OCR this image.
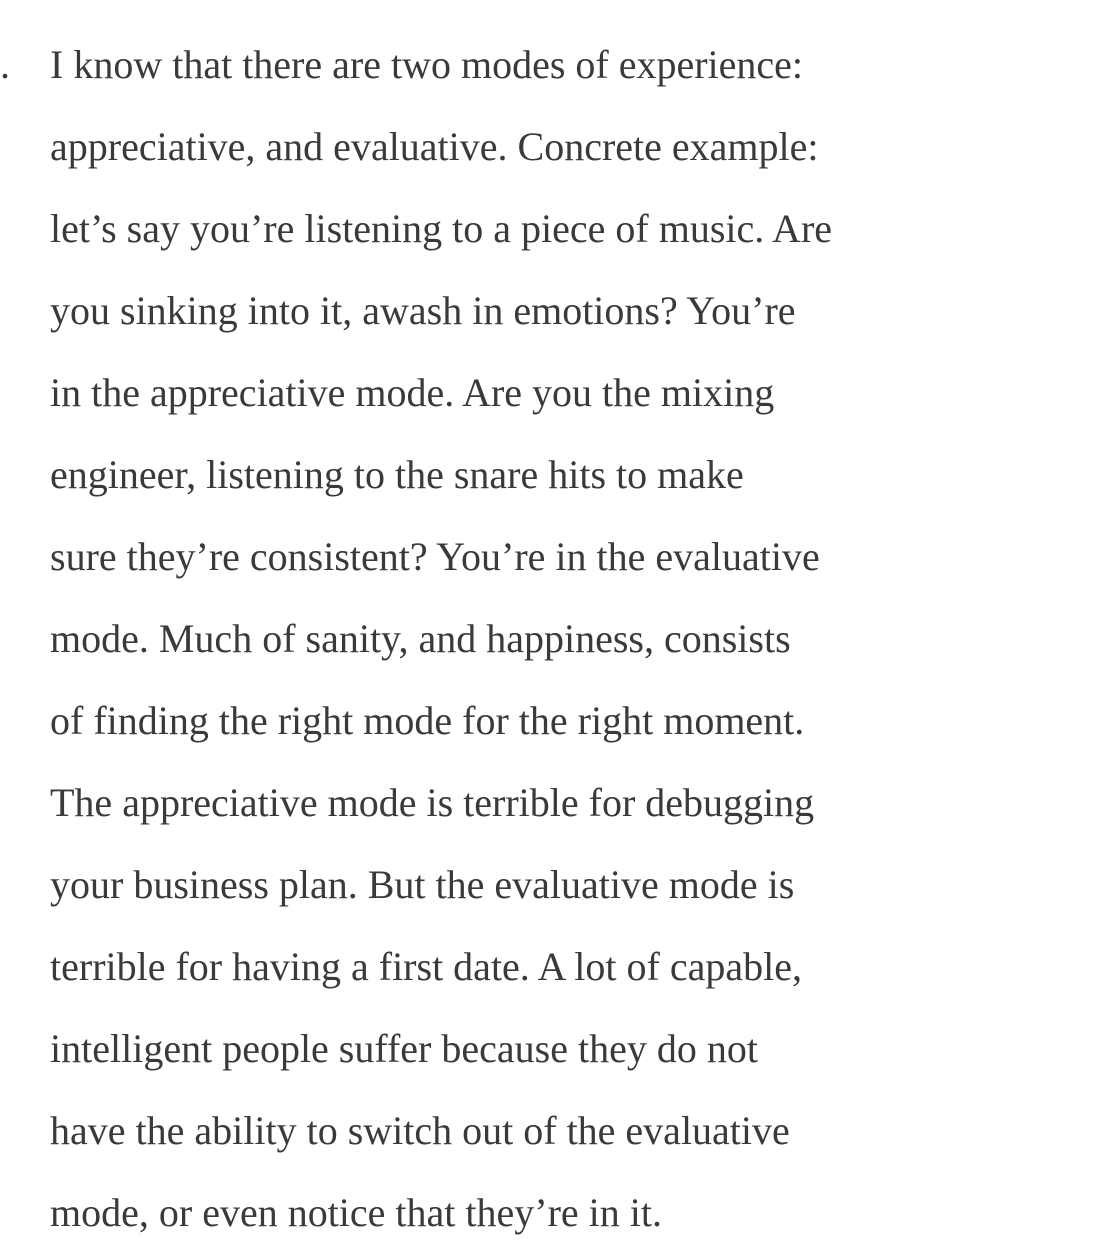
. I know that there are two modes of experience:
appreciative, and evaluative. Concrete example:
let’s say you’re listening to a piece of music. Are
you sinking into it, awash in emotions? You’re
in the appreciative mode. Are you the mixing
engineer, listening to the snare hits to make
sure they’re consistent? You’re in the evaluative
mode. Much of sanity, and happiness, consists
of finding the right mode for the right moment.
The appreciative mode is terrible for debugging
your business plan. But the evaluative mode is
terrible for having a first date. A lot of capable,
intelligent people suffer because they do not
have the ability to switch out of the evaluative
mode, or even notice that they’re in it.
